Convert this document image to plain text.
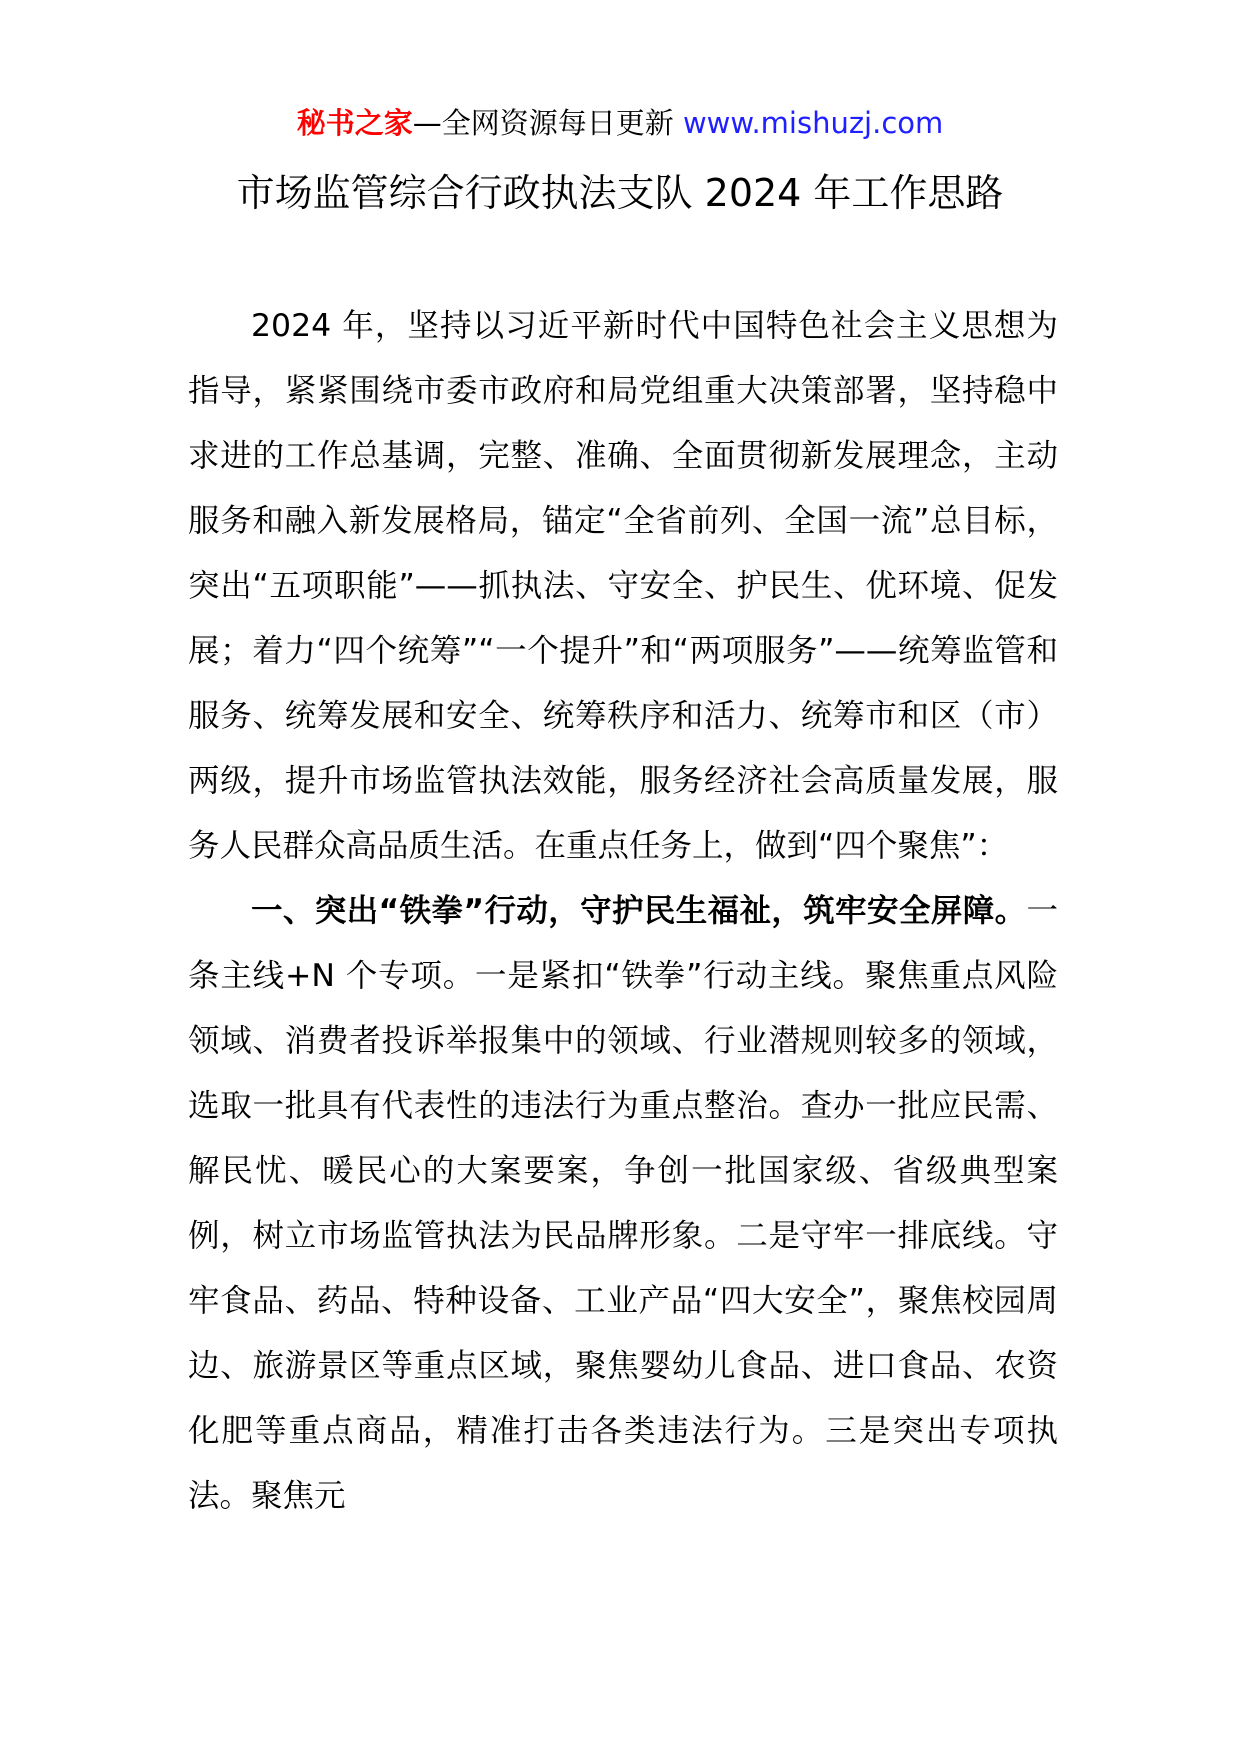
秘书之家—全网资源每日更新 www.mishuzj.com
市场监管综合行政执法支队 2024 年工作思路

2024 年，坚持以习近平新时代中国特色社会主义思想为指导，紧紧围绕市委市政府和局党组重大决策部署，坚持稳中求进的工作总基调，完整、准确、全面贯彻新发展理念，主动服务和融入新发展格局，锚定“全省前列、全国一流”总目标，突出“五项职能”——抓执法、守安全、护民生、优环境、促发展；着力“四个统筹”“一个提升”和“两项服务”——统筹监管和服务、统筹发展和安全、统筹秩序和活力、统筹市和区（市）两级，提升市场监管执法效能，服务经济社会高质量发展，服务人民群众高品质生活。在重点任务上，做到“四个聚焦”：

一、突出“铁拳”行动，守护民生福祉，筑牢安全屏障。一条主线+N 个专项。一是紧扣“铁拳”行动主线。聚焦重点风险领域、消费者投诉举报集中的领域、行业潜规则较多的领域，选取一批具有代表性的违法行为重点整治。查办一批应民需、解民忧、暖民心的大案要案，争创一批国家级、省级典型案例，树立市场监管执法为民品牌形象。二是守牢一排底线。守牢食品、药品、特种设备、工业产品“四大安全”，聚焦校园周边、旅游景区等重点区域，聚焦婴幼儿食品、进口食品、农资化肥等重点商品，精准打击各类违法行为。三是突出专项执法。聚焦元
